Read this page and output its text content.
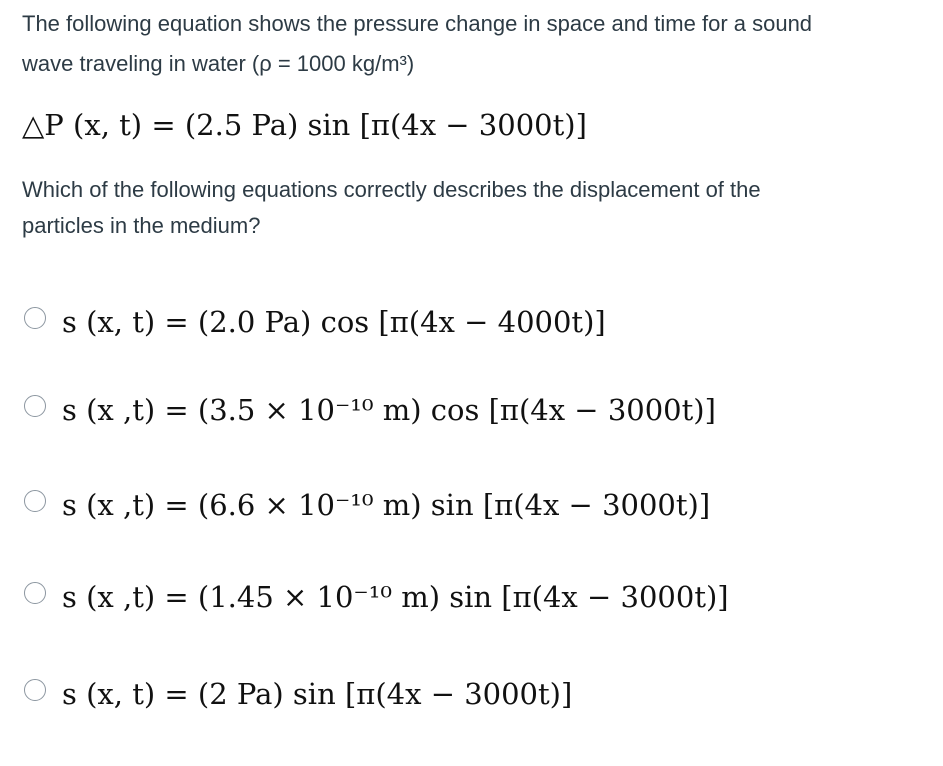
The following equation shows the pressure change in space and time for a sound

wave traveling in water (ρ = 1000 kg/m³)

△P (x, t) = (2.5 Pa) sin [π(4x − 3000t)]

Which of the following equations correctly describes the displacement of the

particles in the medium?

s (x, t) = (2.0 Pa) cos [π(4x − 4000t)]
s (x ,t) = (3.5 × 10⁻¹⁰ m) cos [π(4x − 3000t)]
s (x ,t) = (6.6 × 10⁻¹⁰ m) sin [π(4x − 3000t)]
s (x ,t) = (1.45 × 10⁻¹⁰ m) sin [π(4x − 3000t)]
s (x, t) = (2 Pa) sin [π(4x − 3000t)]
